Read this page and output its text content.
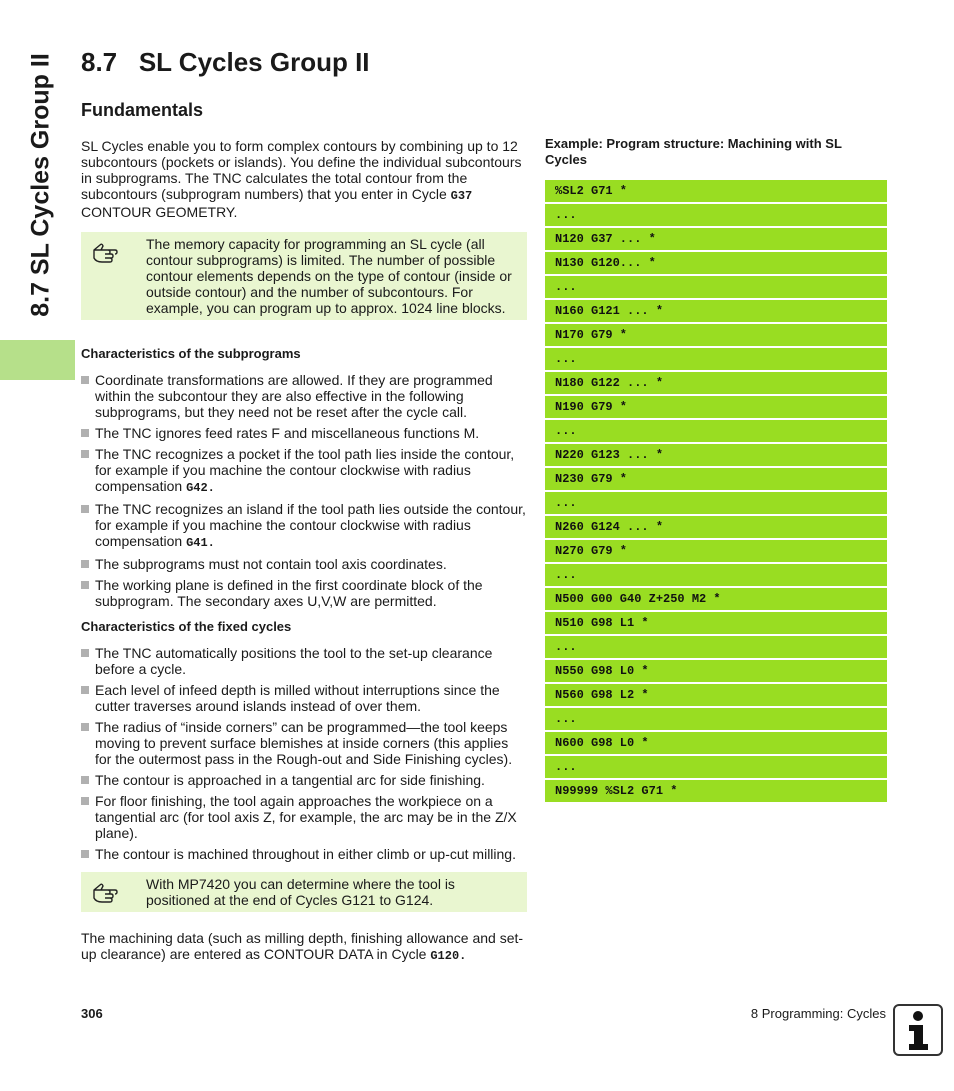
8.7 SL Cycles Group II 8.7   SL Cycles Group II
Fundamentals

SL Cycles enable you to form complex contours by combining up to 12 subcontours (pockets or islands). You define the individual subcontours in subprograms. The TNC calculates the total contour from the subcontours (subprogram numbers) that you enter in Cycle G37 CONTOUR GEOMETRY.

The memory capacity for programming an SL cycle (all contour subprograms) is limited. The number of possible contour elements depends on the type of contour (inside or outside contour) and the number of subcontours. For example, you can program up to approx. 1024 line blocks.
Characteristics of the subprograms
Coordinate transformations are allowed. If they are programmed within the subcontour they are also effective in the following subprograms, but they need not be reset after the cycle call.
The TNC ignores feed rates F and miscellaneous functions M.
The TNC recognizes a pocket if the tool path lies inside the contour, for example if you machine the contour clockwise with radius compensation G42.
The TNC recognizes an island if the tool path lies outside the contour, for example if you machine the contour clockwise with radius compensation G41.
The subprograms must not contain tool axis coordinates.
The working plane is defined in the first coordinate block of the subprogram. The secondary axes U,V,W are permitted.
Characteristics of the fixed cycles
The TNC automatically positions the tool to the set-up clearance before a cycle.
Each level of infeed depth is milled without interruptions since the cutter traverses around islands instead of over them.
The radius of “inside corners” can be programmed—the tool keeps moving to prevent surface blemishes at inside corners (this applies for the outermost pass in the Rough-out and Side Finishing cycles).
The contour is approached in a tangential arc for side finishing.
For floor finishing, the tool again approaches the workpiece on a tangential arc (for tool axis Z, for example, the arc may be in the Z/X plane).
The contour is machined throughout in either climb or up-cut milling.
With MP7420 you can determine where the tool is positioned at the end of Cycles G121 to G124.

The machining data (such as milling depth, finishing allowance and set-up clearance) are entered as CONTOUR DATA in Cycle G120.

Example: Program structure: Machining with SL Cycles
%SL2 G71 *
...
N120 G37 ... *
N130 G120... *
...
N160 G121 ... *
N170 G79 *
...
N180 G122 ... *
N190 G79 *
...
N220 G123 ... *
N230 G79 *
...
N260 G124 ... *
N270 G79 *
...
N500 G00 G40 Z+250 M2 *
N510 G98 L1 *
...
N550 G98 L0 *
N560 G98 L2 *
...
N600 G98 L0 *
...
N99999 %SL2 G71 *
306	8 Programming: Cycles
